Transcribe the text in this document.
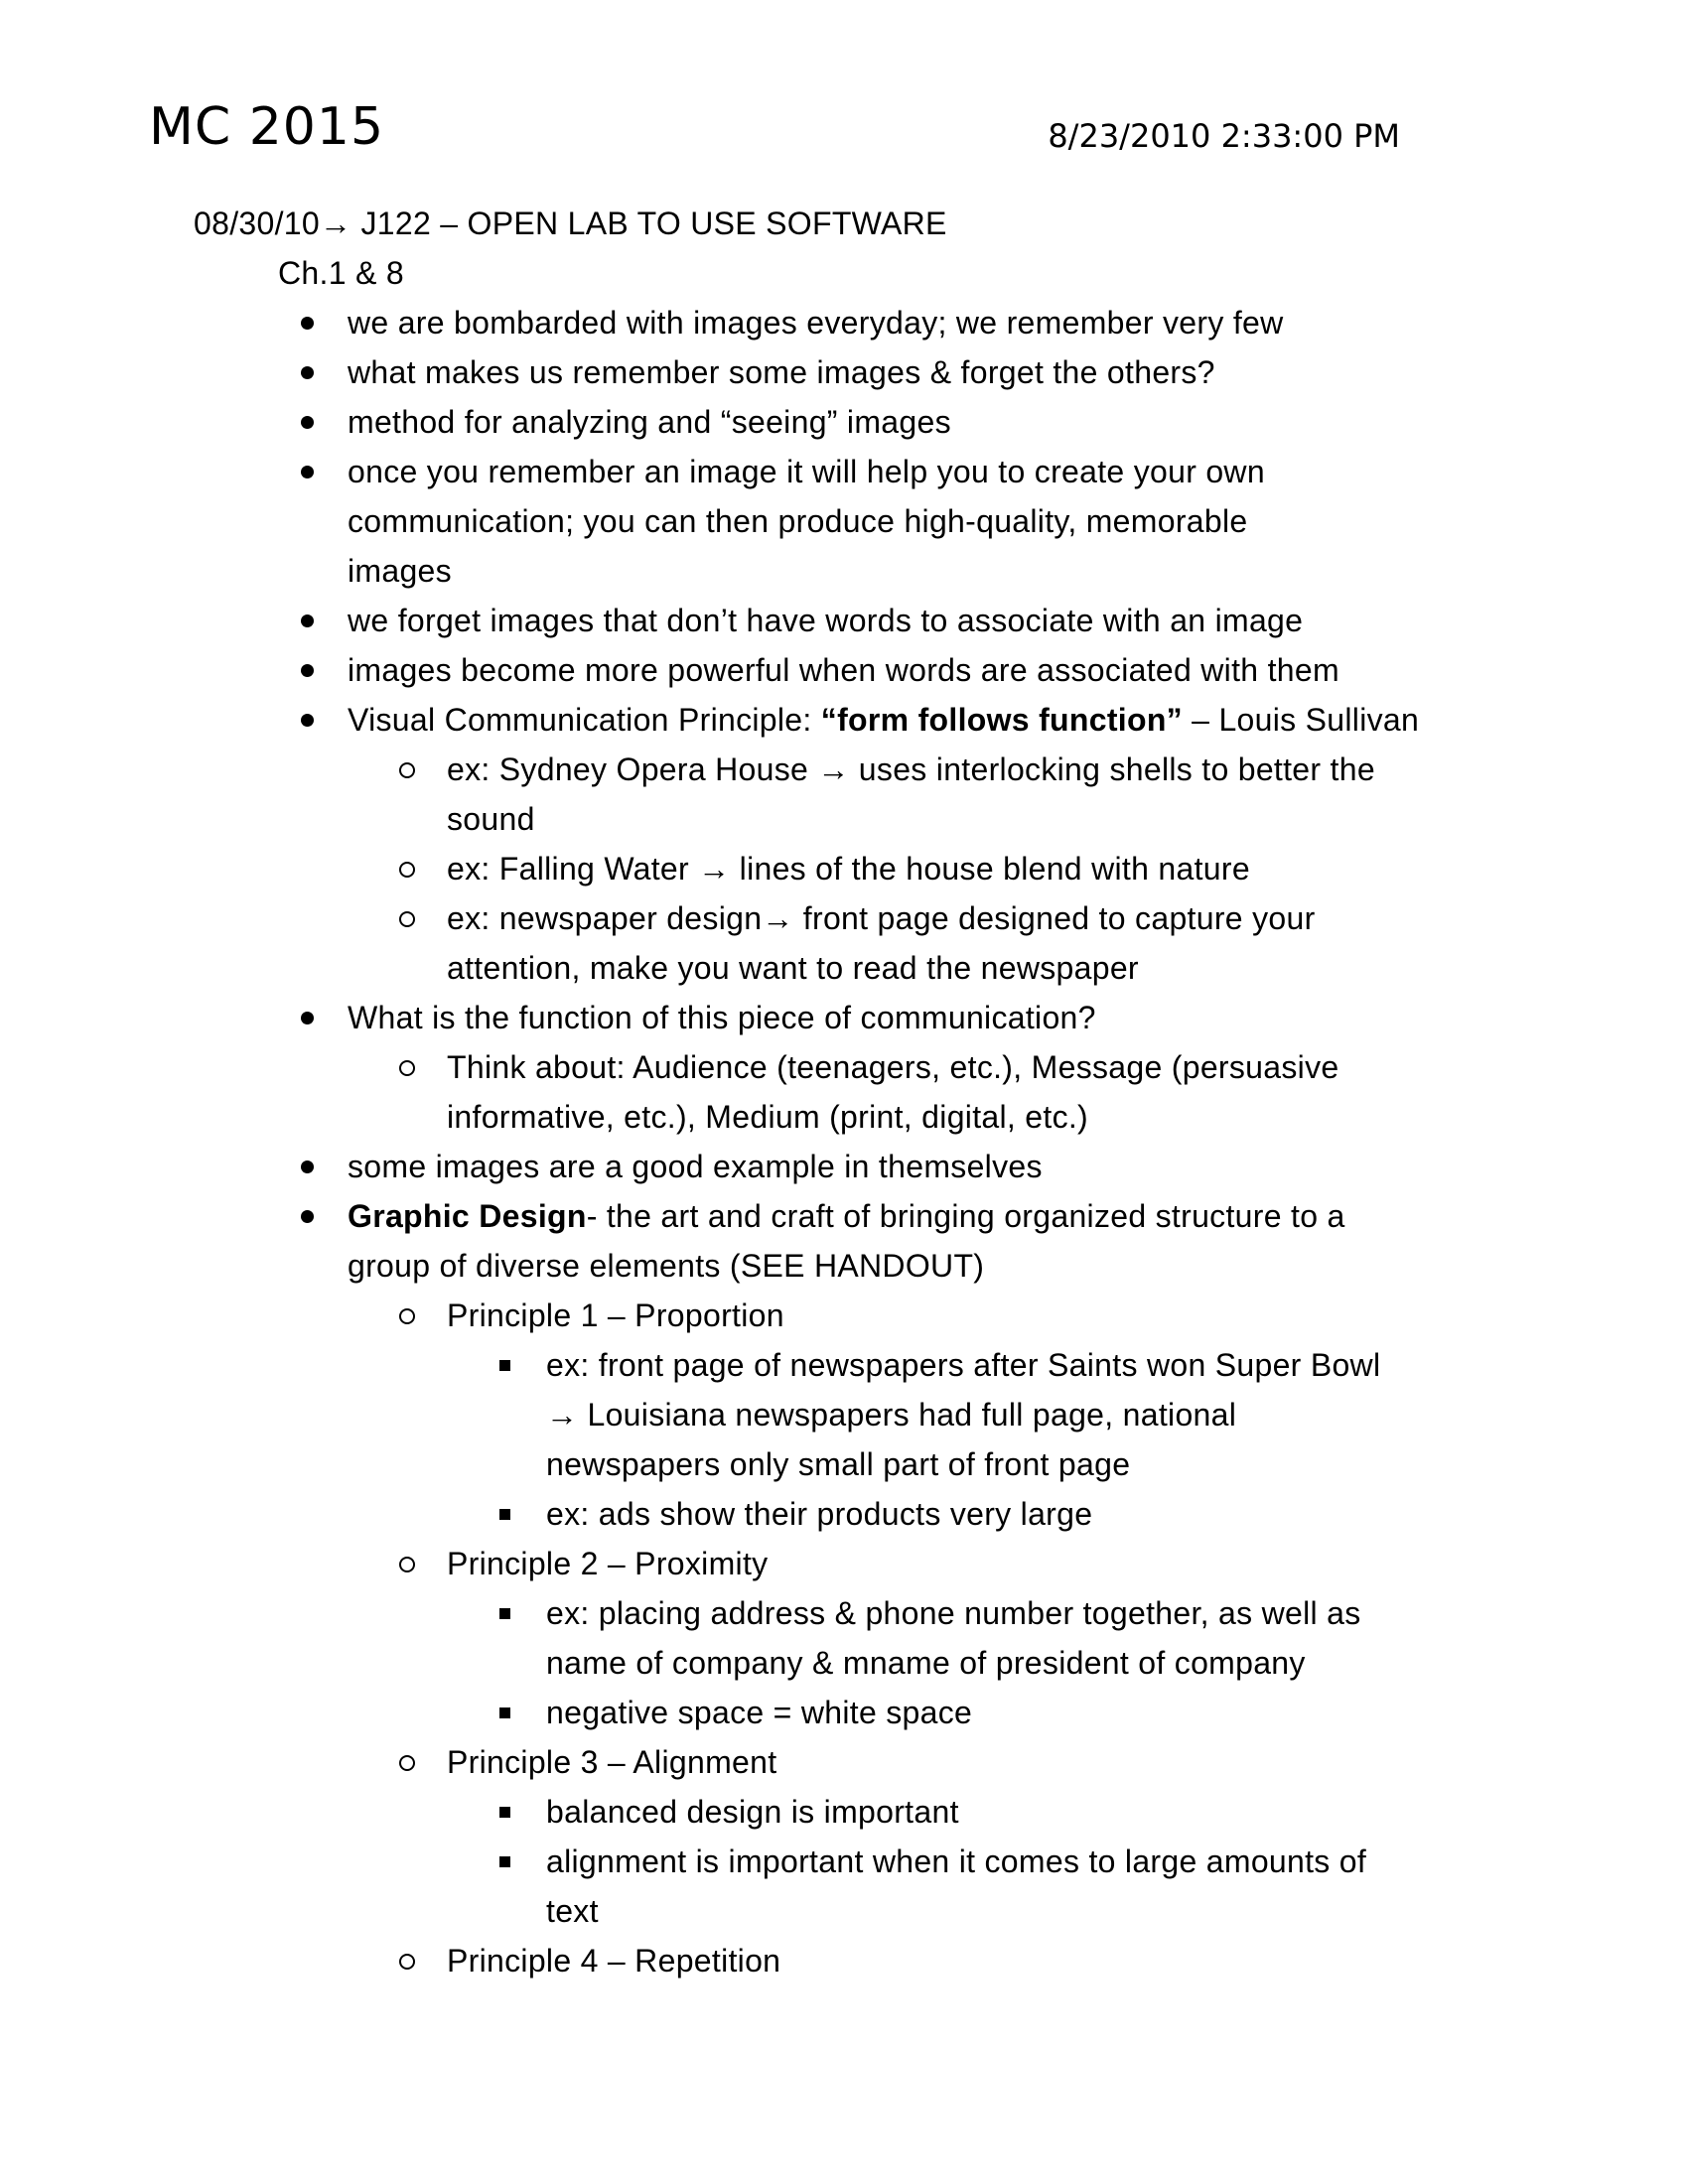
MC 2015	8/23/2010 2:33:00 PM
08/30/10→ J122 – OPEN LAB TO USE SOFTWARE
Ch.1 & 8
we are bombarded with images everyday; we remember very few
what makes us remember some images & forget the others?
method for analyzing and “seeing” images
once you remember an image it will help you to create your own
communication; you can then produce high-quality, memorable
images
we forget images that don’t have words to associate with an image
images become more powerful when words are associated with them
Visual Communication Principle: “form follows function” – Louis Sullivan
ex: Sydney Opera House → uses interlocking shells to better the
sound
ex: Falling Water → lines of the house blend with nature
ex: newspaper design→ front page designed to capture your
attention, make you want to read the newspaper
What is the function of this piece of communication?
Think about: Audience (teenagers, etc.), Message (persuasive
informative, etc.), Medium (print, digital, etc.)
some images are a good example in themselves
Graphic Design- the art and craft of bringing organized structure to a
group of diverse elements (SEE HANDOUT)
Principle 1 – Proportion
ex: front page of newspapers after Saints won Super Bowl
→ Louisiana newspapers had full page, national
newspapers only small part of front page
ex: ads show their products very large
Principle 2 – Proximity
ex: placing address & phone number together, as well as
name of company & mname of president of company
negative space = white space
Principle 3 – Alignment
balanced design is important
alignment is important when it comes to large amounts of
text
Principle 4 – Repetition
